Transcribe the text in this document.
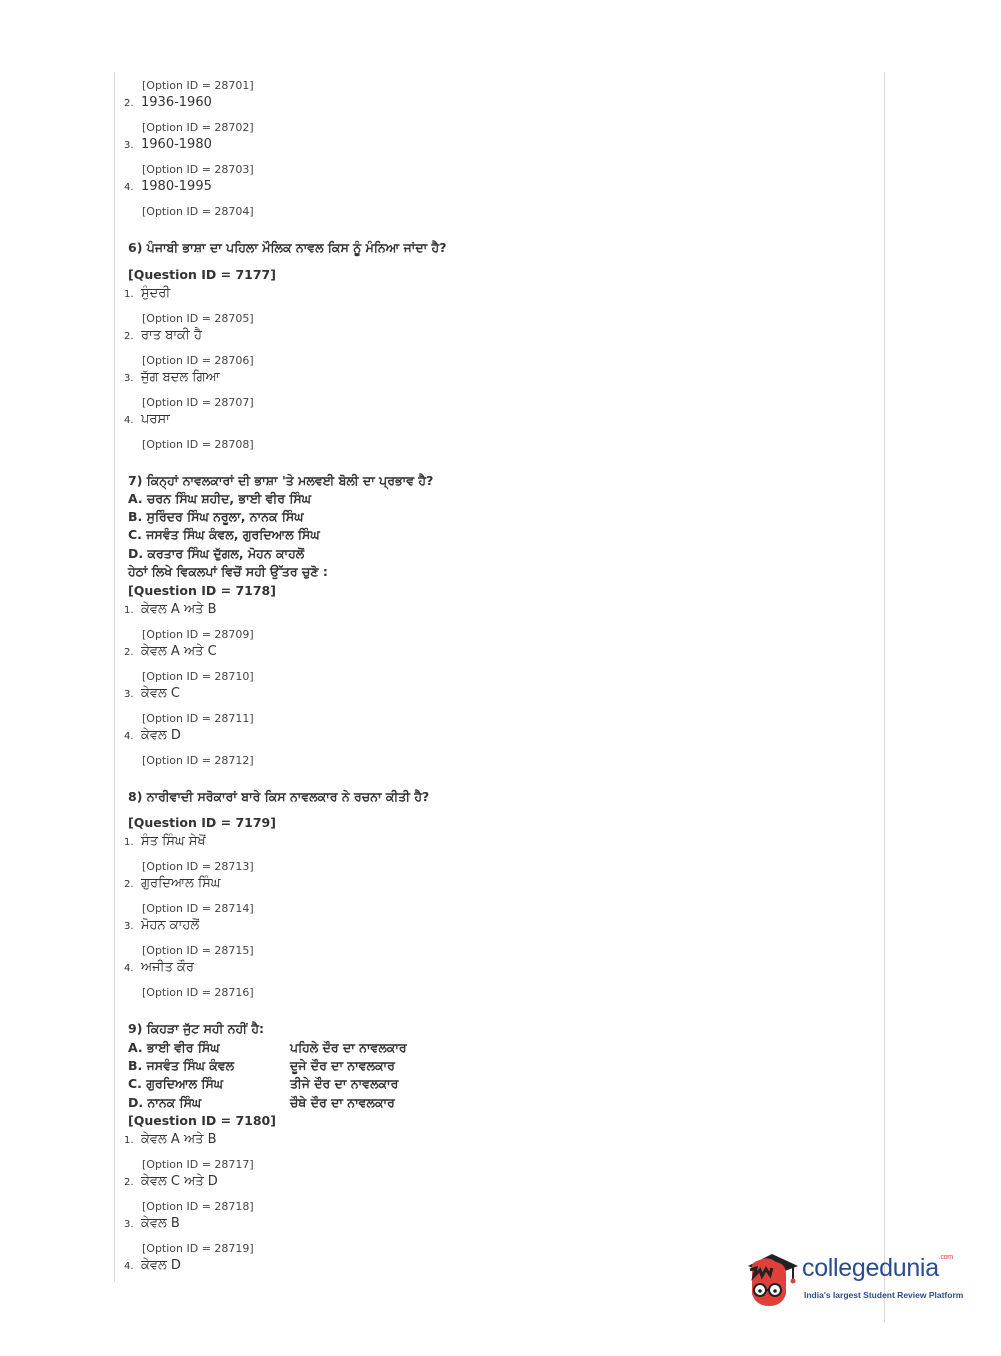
[Option ID = 28701]
2. 1936-1960
[Option ID = 28702]
3. 1960-1980
[Option ID = 28703]
4. 1980-1995
[Option ID = 28704]
6) ਪੰਜਾਬੀ ਭਾਸ਼ਾ ਦਾ ਪਹਿਲਾ ਮੌਲਿਕ ਨਾਵਲ ਕਿਸ ਨੂੰ ਮੰਨਿਆ ਜਾਂਦਾ ਹੈ?
[Question ID = 7177]
1. ਸੁੰਦਰੀ
[Option ID = 28705]
2. ਰਾਤ ਬਾਕੀ ਹੈ
[Option ID = 28706]
3. ਜੁੱਗ ਬਦਲ ਗਿਆ
[Option ID = 28707]
4. ਪਰਸਾ
[Option ID = 28708]
7) ਕਿਨ੍ਹਾਂ ਨਾਵਲਕਾਰਾਂ ਦੀ ਭਾਸ਼ਾ 'ਤੇ ਮਲਵਈ ਬੋਲੀ ਦਾ ਪ੍ਰਭਾਵ ਹੈ?
A. ਚਰਨ ਸਿੰਘ ਸ਼ਹੀਦ, ਭਾਈ ਵੀਰ ਸਿੰਘ
B. ਸੁਰਿੰਦਰ ਸਿੰਘ ਨਰੂਲਾ, ਨਾਨਕ ਸਿੰਘ
C. ਜਸਵੰਤ ਸਿੰਘ ਕੰਵਲ, ਗੁਰਦਿਆਲ ਸਿੰਘ
D. ਕਰਤਾਰ ਸਿੰਘ ਦੁੱਗਲ, ਮੋਹਨ ਕਾਹਲੋਂ
ਹੇਠਾਂ ਲਿਖੇ ਵਿਕਲਪਾਂ ਵਿਚੋਂ ਸਹੀ ਉੱਤਰ ਚੁਣੋ :
[Question ID = 7178]
1. ਕੇਵਲ A ਅਤੇ B
[Option ID = 28709]
2. ਕੇਵਲ A ਅਤੇ C
[Option ID = 28710]
3. ਕੇਵਲ C
[Option ID = 28711]
4. ਕੇਵਲ D
[Option ID = 28712]
8) ਨਾਰੀਵਾਦੀ ਸਰੋਕਾਰਾਂ ਬਾਰੇ ਕਿਸ ਨਾਵਲਕਾਰ ਨੇ ਰਚਨਾ ਕੀਤੀ ਹੈ?
[Question ID = 7179]
1. ਸੰਤ ਸਿੰਘ ਸੇਖੋਂ
[Option ID = 28713]
2. ਗੁਰਦਿਆਲ ਸਿੰਘ
[Option ID = 28714]
3. ਮੋਹਨ ਕਾਹਲੋਂ
[Option ID = 28715]
4. ਅਜੀਤ ਕੌਰ
[Option ID = 28716]
9) ਕਿਹੜਾ ਜੁੱਟ ਸਹੀ ਨਹੀਂ ਹੈ:
A. ਭਾਈ ਵੀਰ ਸਿੰਘ	ਪਹਿਲੇ ਦੌਰ ਦਾ ਨਾਵਲਕਾਰ
B. ਜਸਵੰਤ ਸਿੰਘ ਕੰਵਲ	ਦੂਜੇ ਦੌਰ ਦਾ ਨਾਵਲਕਾਰ
C. ਗੁਰਦਿਆਲ ਸਿੰਘ	ਤੀਜੇ ਦੌਰ ਦਾ ਨਾਵਲਕਾਰ
D. ਨਾਨਕ ਸਿੰਘ	ਚੌਥੇ ਦੌਰ ਦਾ ਨਾਵਲਕਾਰ
[Question ID = 7180]
1. ਕੇਵਲ A ਅਤੇ B
[Option ID = 28717]
2. ਕੇਵਲ C ਅਤੇ D
[Option ID = 28718]
3. ਕੇਵਲ B
[Option ID = 28719]
4. ਕੇਵਲ D	collegedunia$^{.com}$
India's largest Student Review Platform
